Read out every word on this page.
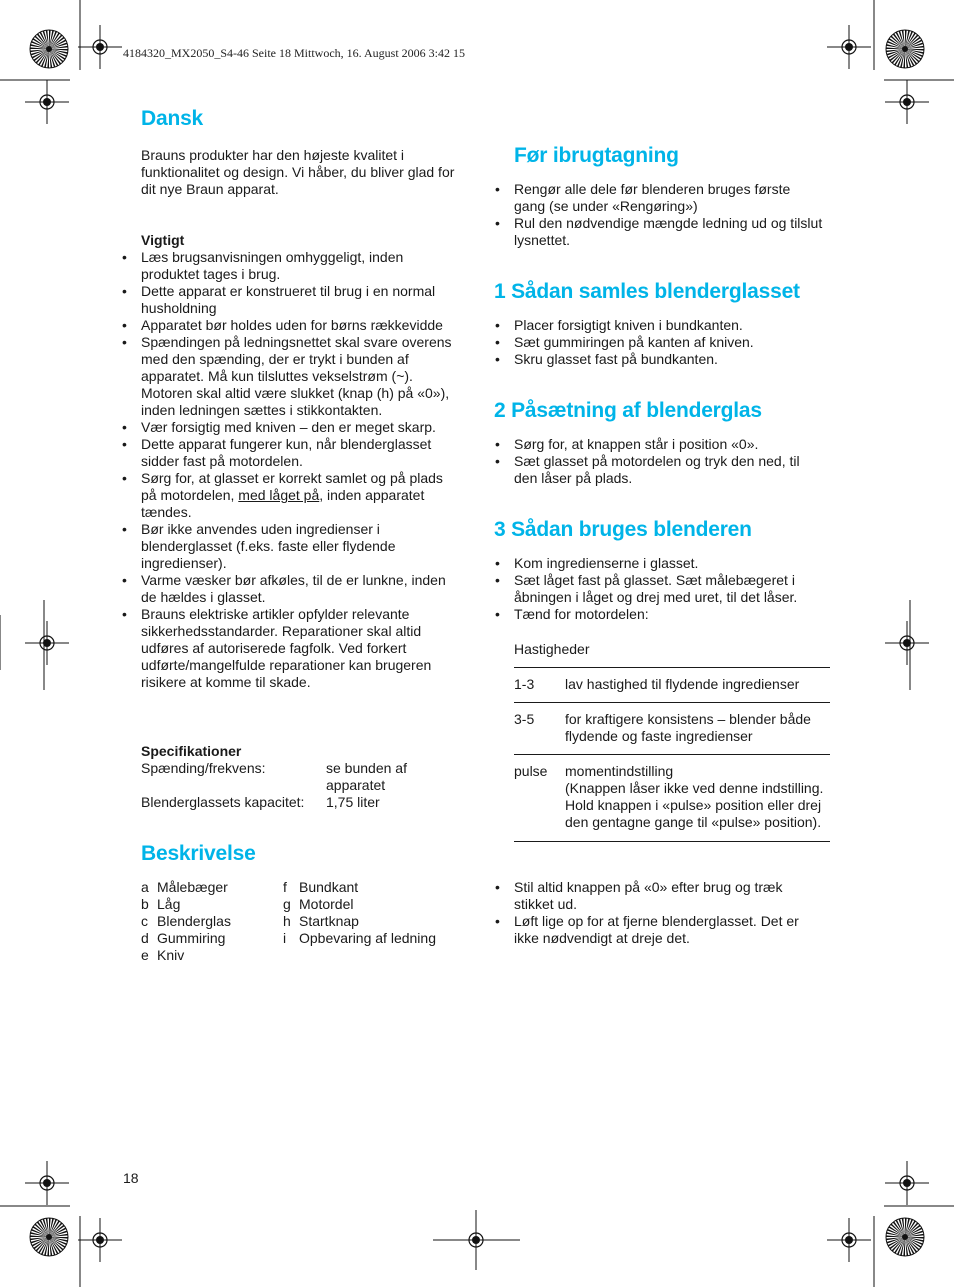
4184320_MX2050_S4-46 Seite 18 Mittwoch, 16. August 2006 3:42 15
Dansk

Brauns produkter har den højeste kvalitet i funktionalitet og design. Vi håber, du bliver glad for dit nye Braun apparat.

Vigtigt
• Læs brugsanvisningen omhyggeligt, inden produktet tages i brug.
• Dette apparat er konstrueret til brug i en normal husholdning
• Apparatet bør holdes uden for børns rækkevidde
• Spændingen på ledningsnettet skal svare overens med den spænding, der er trykt i bunden af apparatet. Må kun tilsluttes vekselstrøm (~). Motoren skal altid være slukket (knap (h) på «0»), inden ledningen sættes i stikkontakten.
• Vær forsigtig med kniven – den er meget skarp.
• Dette apparat fungerer kun, når blenderglasset sidder fast på motordelen.
• Sørg for, at glasset er korrekt samlet og på plads på motordelen, med låget på, inden apparatet tændes.
• Bør ikke anvendes uden ingredienser i blenderglasset (f.eks. faste eller flydende ingredienser).
• Varme væsker bør afkøles, til de er lunkne, inden de hældes i glasset.
• Brauns elektriske artikler opfylder relevante sikkerhedsstandarder. Reparationer skal altid udføres af autoriserede fagfolk. Ved forkert udførte/mangelfulde reparationer kan brugeren risikere at komme til skade.
Specifikationer
Spænding/frekvens:	se bunden af apparatet
Blenderglassets kapacitet:	1,75 liter
Beskrivelse
a Målebæger	f Bundkant
b Låg	g Motordel
c Blenderglas	h Startknap
d Gummiring	i Opbevaring af ledning
e Kniv
18
Før ibrugtagning
• Rengør alle dele før blenderen bruges første gang (se under «Rengøring»)
• Rul den nødvendige mængde ledning ud og tilslut lysnettet.
1 Sådan samles blenderglasset
• Placer forsigtigt kniven i bundkanten.
• Sæt gummiringen på kanten af kniven.
• Skru glasset fast på bundkanten.
2 Påsætning af blenderglas
• Sørg for, at knappen står i position «0».
• Sæt glasset på motordelen og tryk den ned, til den låser på plads.
3 Sådan bruges blenderen
• Kom ingredienserne i glasset.
• Sæt låget fast på glasset. Sæt målebægeret i åbningen i låget og drej med uret, til det låser.
• Tænd for motordelen:
Hastigheder
1-3	lav hastighed til flydende ingredienser
3-5	for kraftigere konsistens – blender både flydende og faste ingredienser
pulse	momentindstilling
(Knappen låser ikke ved denne indstilling. Hold knappen i «pulse» position eller drej den gentagne gange til «pulse» position).
• Stil altid knappen på «0» efter brug og træk stikket ud.
• Løft lige op for at fjerne blenderglasset. Det er ikke nødvendigt at dreje det.
